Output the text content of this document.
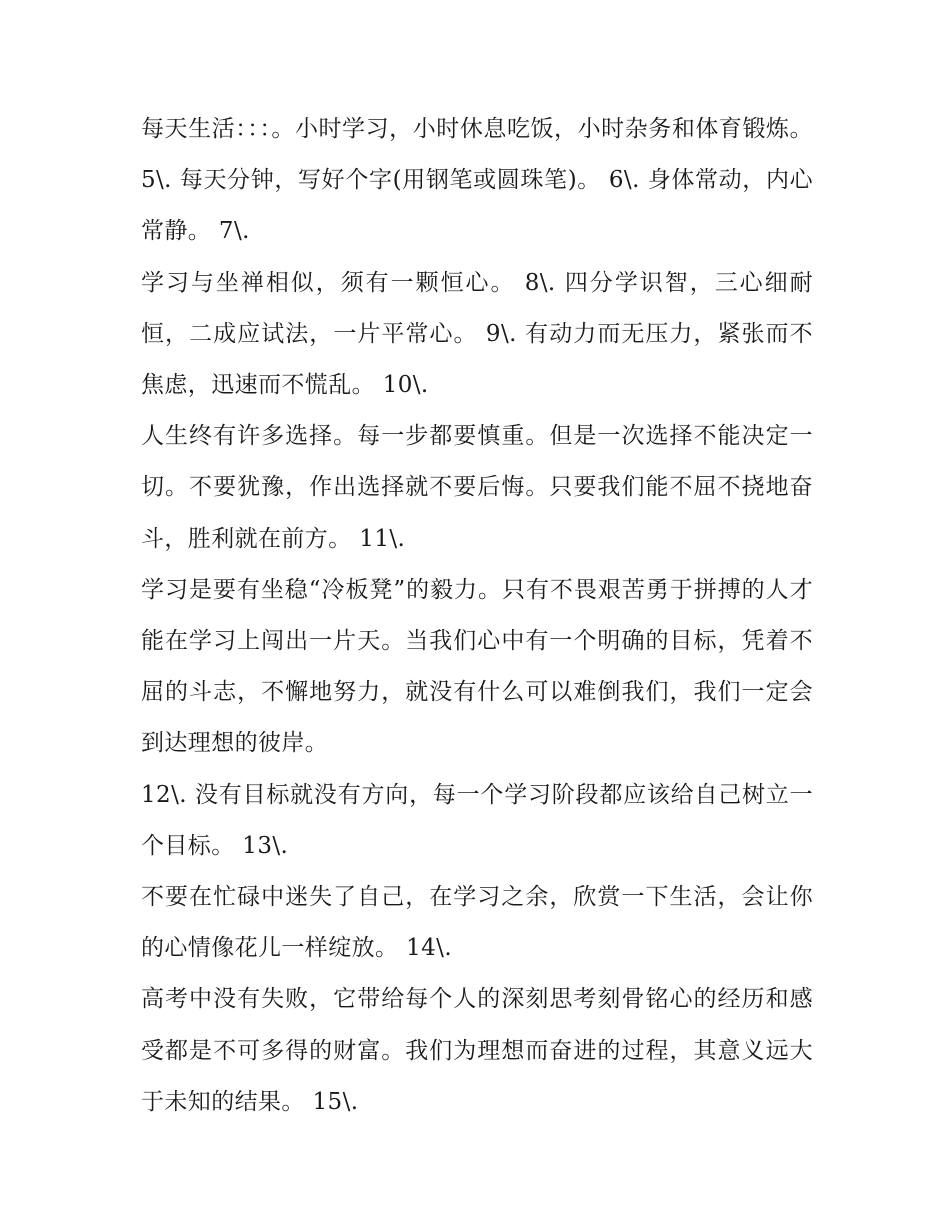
每天生活：：：。小时学习，小时休息吃饭，小时杂务和体育锻炼。 5\. 每天分钟，写好个字(用钢笔或圆珠笔)。 6\. 身体常动，内心常静。 7\.

学习与坐禅相似，须有一颗恒心。 8\. 四分学识智，三心细耐恒，二成应试法，一片平常心。 9\. 有动力而无压力，紧张而不焦虑，迅速而不慌乱。 10\.

人生终有许多选择。每一步都要慎重。但是一次选择不能决定一切。不要犹豫，作出选择就不要后悔。只要我们能不屈不挠地奋斗，胜利就在前方。 11\.

学习是要有坐稳“冷板凳”的毅力。只有不畏艰苦勇于拼搏的人才能在学习上闯出一片天。当我们心中有一个明确的目标，凭着不屈的斗志，不懈地努力，就没有什么可以难倒我们，我们一定会到达理想的彼岸。

12\. 没有目标就没有方向，每一个学习阶段都应该给自己树立一个目标。 13\.

不要在忙碌中迷失了自己，在学习之余，欣赏一下生活，会让你的心情像花儿一样绽放。 14\.

高考中没有失败，它带给每个人的深刻思考刻骨铭心的经历和感受都是不可多得的财富。我们为理想而奋进的过程，其意义远大于未知的结果。 15\.
